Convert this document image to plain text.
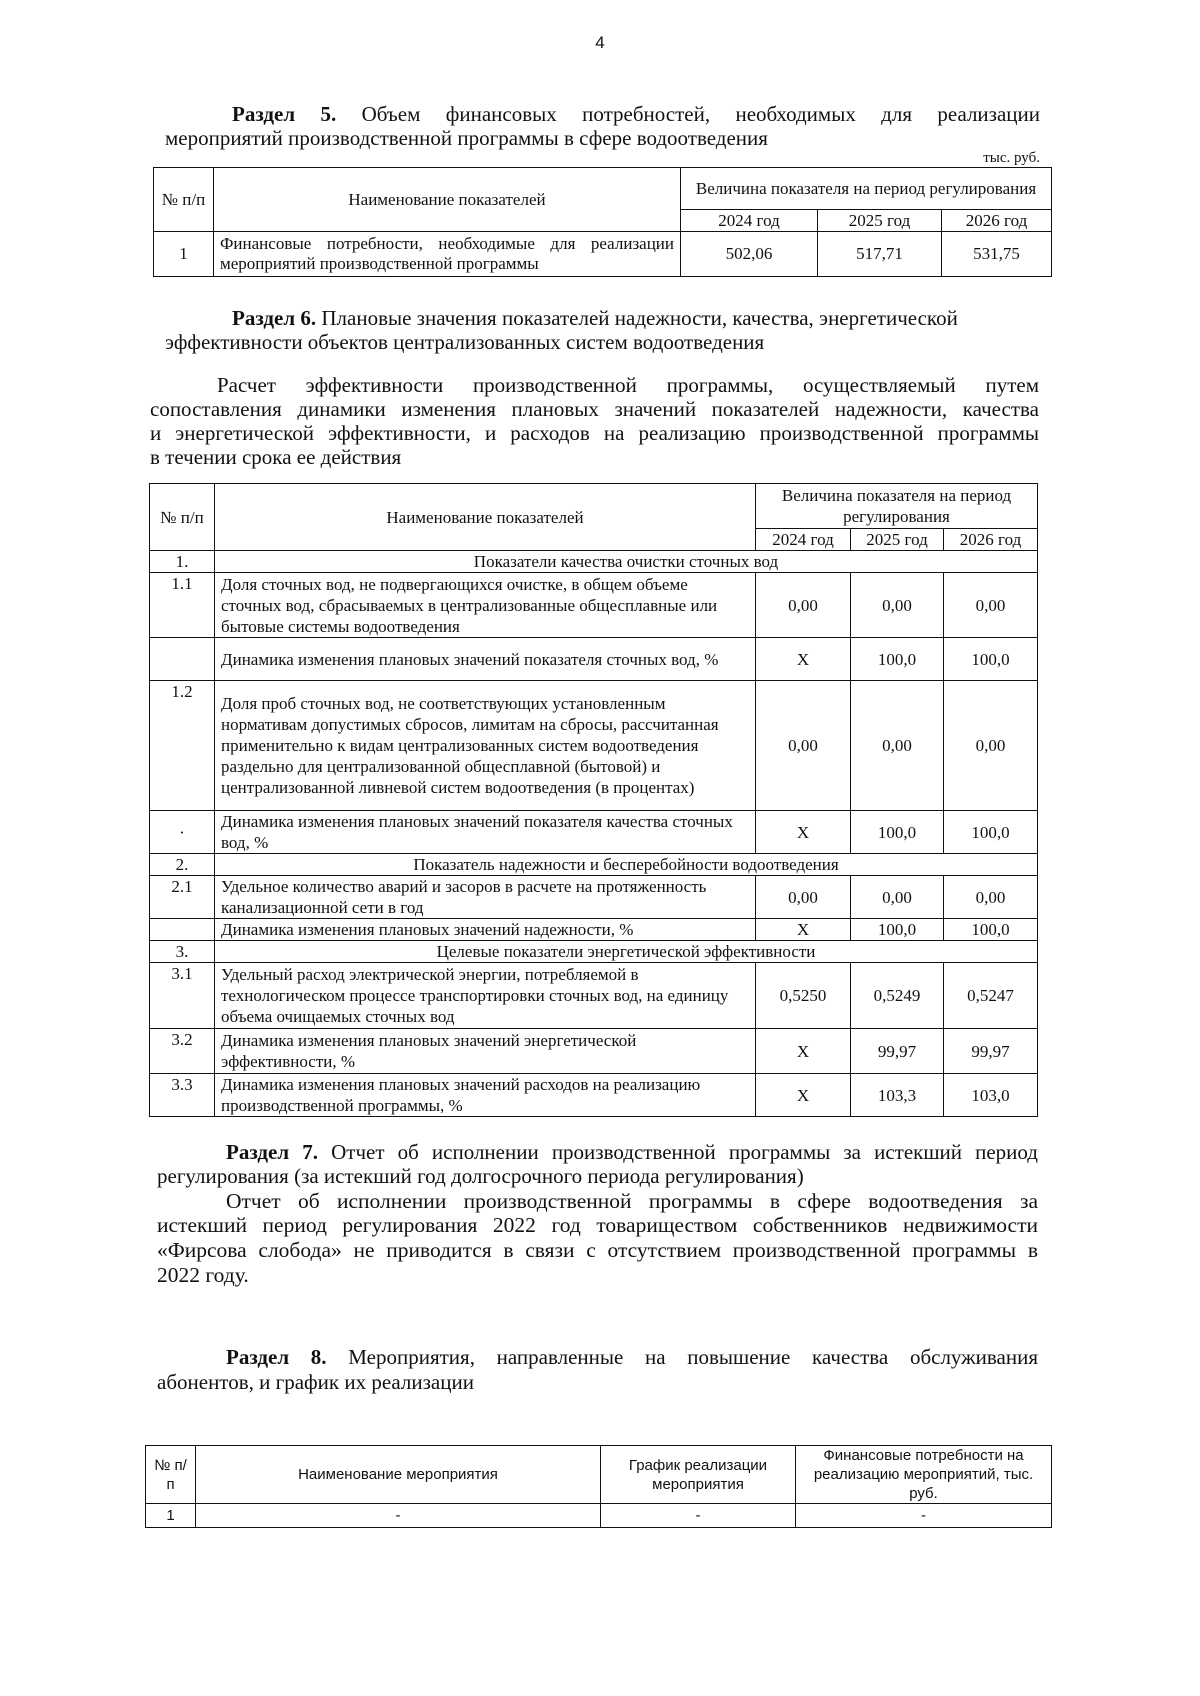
4
Раздел 5. Объем финансовых потребностей, необходимых для реализации
мероприятий производственной программы в сфере водоотведения
тыс. руб.
№ п/п	Наименование показателей	Величина показателя на период регулирования		
		2024 год	2025 год	2026 год
1	Финансовые потребности, необходимые для реализации мероприятий производственной программы	502,06	517,71	531,75
Раздел 6. Плановые значения показателей надежности, качества, энергетической
эффективности объектов централизованных систем водоотведения
Расчет эффективности производственной программы, осуществляемый путем
сопоставления динамики изменения плановых значений показателей надежности, качества
и энергетической эффективности, и расходов на реализацию производственной программы
в течении срока ее действия
№ п/п	Наименование показателей	Величина показателя на период регулирования		
		2024 год	2025 год	2026 год
1.	Показатели качества очистки сточных вод			
1.1	Доля сточных вод, не подвергающихся очистке, в общем объеме сточных вод, сбрасываемых в централизованные общесплавные или бытовые системы водоотведения	0,00	0,00	0,00
	Динамика изменения плановых значений показателя сточных вод, %	Х	100,0	100,0
1.2	Доля проб сточных вод, не соответствующих установленным нормативам допустимых сбросов, лимитам на сбросы, рассчитанная применительно к видам централизованных систем водоотведения раздельно для централизованной общесплавной (бытовой) и централизованной ливневой систем водоотведения (в процентах)	0,00	0,00	0,00
·	Динамика изменения плановых значений показателя качества сточных вод, %	Х	100,0	100,0
2.	Показатель надежности и бесперебойности водоотведения			
2.1	Удельное количество аварий и засоров в расчете на протяженность канализационной сети в год	0,00	0,00	0,00
	Динамика изменения плановых значений надежности, %	Х	100,0	100,0
3.	Целевые показатели энергетической эффективности			
3.1	Удельный расход электрической энергии, потребляемой в технологическом процессе транспортировки сточных вод, на единицу объема очищаемых сточных вод	0,5250	0,5249	0,5247
3.2	Динамика изменения плановых значений энергетической эффективности, %	Х	99,97	99,97
3.3	Динамика изменения плановых значений расходов на реализацию производственной программы, %	Х	103,3	103,0
Раздел 7. Отчет об исполнении производственной программы за истекший период
регулирования (за истекший год долгосрочного периода регулирования)
Отчет об исполнении производственной программы в сфере водоотведения за
истекший период регулирования 2022 год товариществом собственников недвижимости
«Фирсова слобода» не приводится в связи с отсутствием производственной программы в
2022 году.
Раздел 8. Мероприятия, направленные на повышение качества обслуживания
абонентов, и график их реализации
№ п/п	Наименование мероприятия	График реализации мероприятия	Финансовые потребности на реализацию мероприятий, тыс. руб.
1	-	-	-
